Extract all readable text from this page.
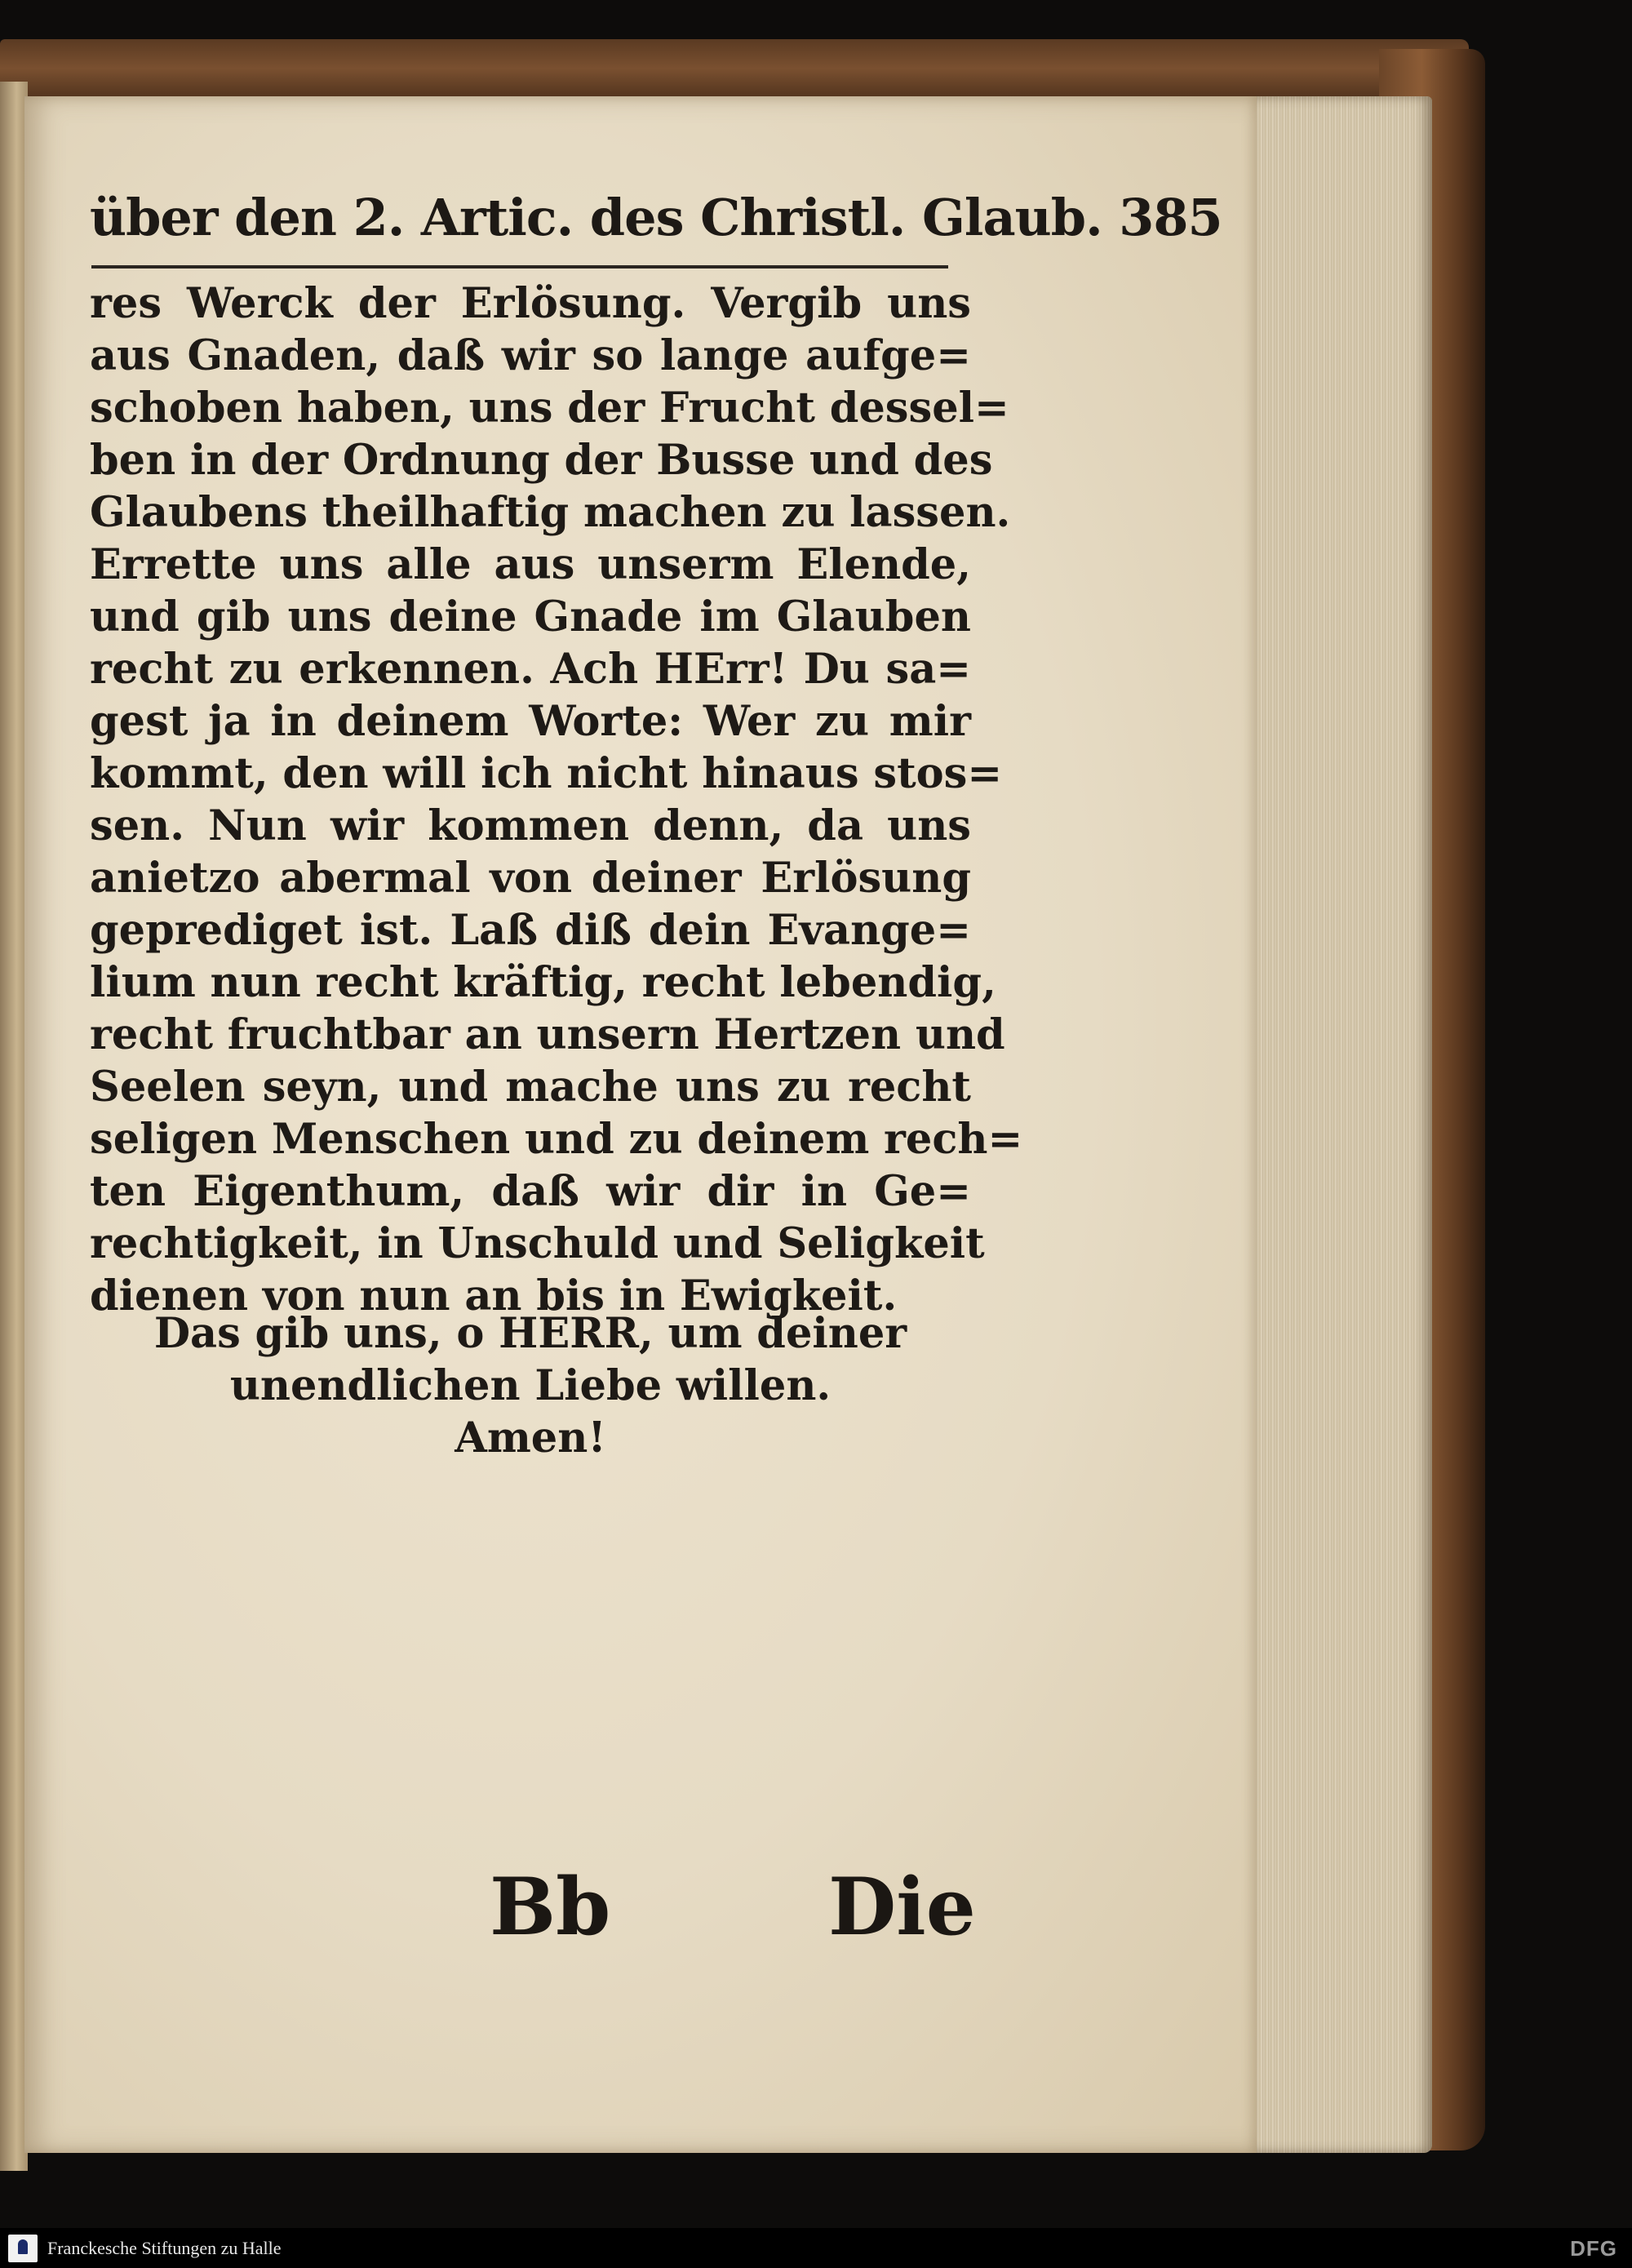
über den 2. Artic. des Christl. Glaub. 385
res Werck der Erlösung. Vergib uns
aus Gnaden, daß wir so lange aufge=
schoben haben, uns der Frucht dessel=
ben in der Ordnung der Busse und des
Glaubens theilhaftig machen zu lassen.
Errette uns alle aus unserm Elende,
und gib uns deine Gnade im Glauben
recht zu erkennen. Ach HErr! Du sa=
gest ja in deinem Worte: Wer zu mir
kommt, den will ich nicht hinaus stos=
sen. Nun wir kommen denn, da uns
anietzo abermal von deiner Erlösung
geprediget ist. Laß diß dein Evange=
lium nun recht kräftig, recht lebendig,
recht fruchtbar an unsern Hertzen und
Seelen seyn, und mache uns zu recht
seligen Menschen und zu deinem rech=
ten Eigenthum, daß wir dir in Ge=
rechtigkeit, in Unschuld und Seligkeit
dienen von nun an bis in Ewigkeit.
Das gib uns, o HERR, um deiner
unendlichen Liebe willen.
Amen!
Bb	Die
Franckesche Stiftungen zu Halle	DFG
